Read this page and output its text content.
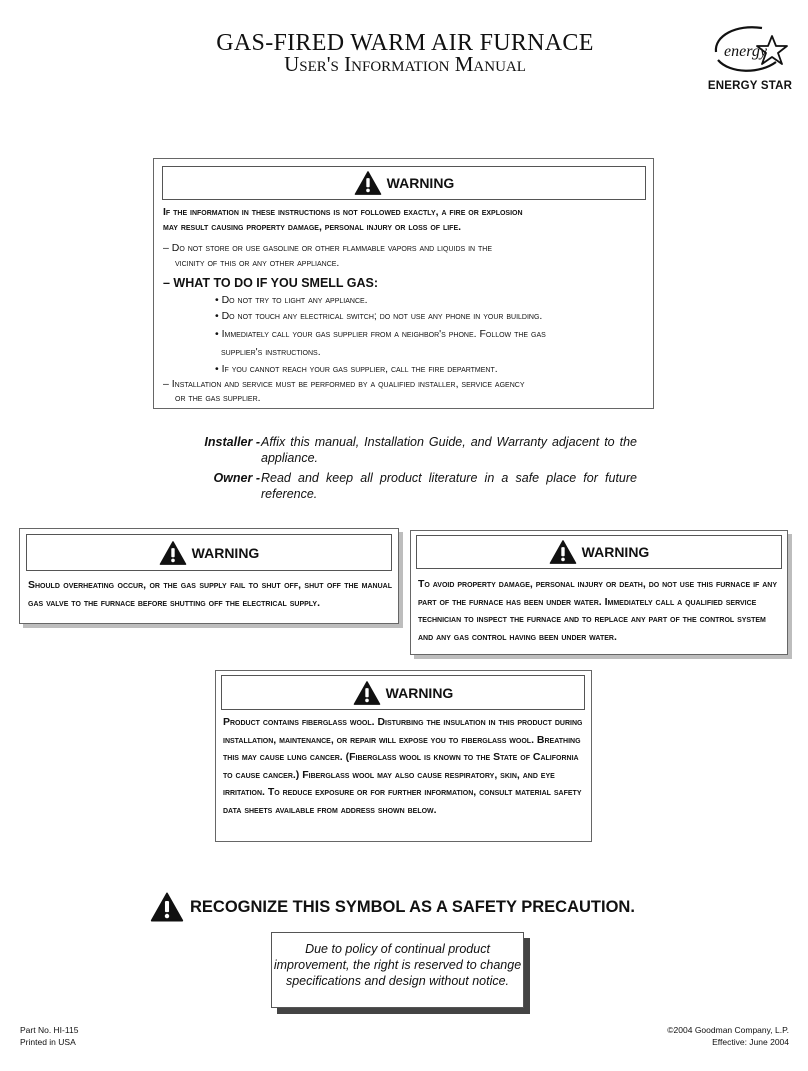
GAS-FIRED WARM AIR FURNACE
User's Information Manual
energy
ENERGY STAR
WARNING
If the information in these instructions is not followed exactly, a fire or explosion
may result causing property damage, personal injury or loss of life.
– Do not store or use gasoline or other flammable vapors and liquids in the
vicinity of this or any other appliance.
– WHAT TO DO IF YOU SMELL GAS:
• Do not try to light any appliance.
• Do not touch any electrical switch; do not use any phone in your building.
• Immediately call your gas supplier from a neighbor's phone. Follow the gas
supplier's instructions.
• If you cannot reach your gas supplier, call the fire department.
– Installation and service must be performed by a qualified installer, service agency
or the gas supplier.
Installer - Affix this manual, Installation Guide, and Warranty adjacent to the appliance.
Owner - Read and keep all product literature in a safe place for future reference.
WARNING
Should overheating occur, or the gas supply fail to shut off, shut off the manual gas valve to the furnace before shutting off the electrical supply.
WARNING
To avoid property damage, personal injury or death, do not use this furnace if any part of the furnace has been under water. Immediately call a qualified service technician to inspect the furnace and to replace any part of the control system and any gas control having been under water.
WARNING
Product contains fiberglass wool. Disturbing the insulation in this product during installation, maintenance, or repair will expose you to fiberglass wool. Breathing this may cause lung cancer. (Fiberglass wool is known to the State of California to cause cancer.) Fiberglass wool may also cause respiratory, skin, and eye irritation. To reduce exposure or for further information, consult material safety data sheets available from address shown below.
RECOGNIZE THIS SYMBOL AS A SAFETY PRECAUTION.
Due to policy of continual product improvement, the right is reserved to change specifications and design without notice.
Part No. HI-115
Printed in USA
©2004 Goodman Company, L.P.
Effective: June 2004
